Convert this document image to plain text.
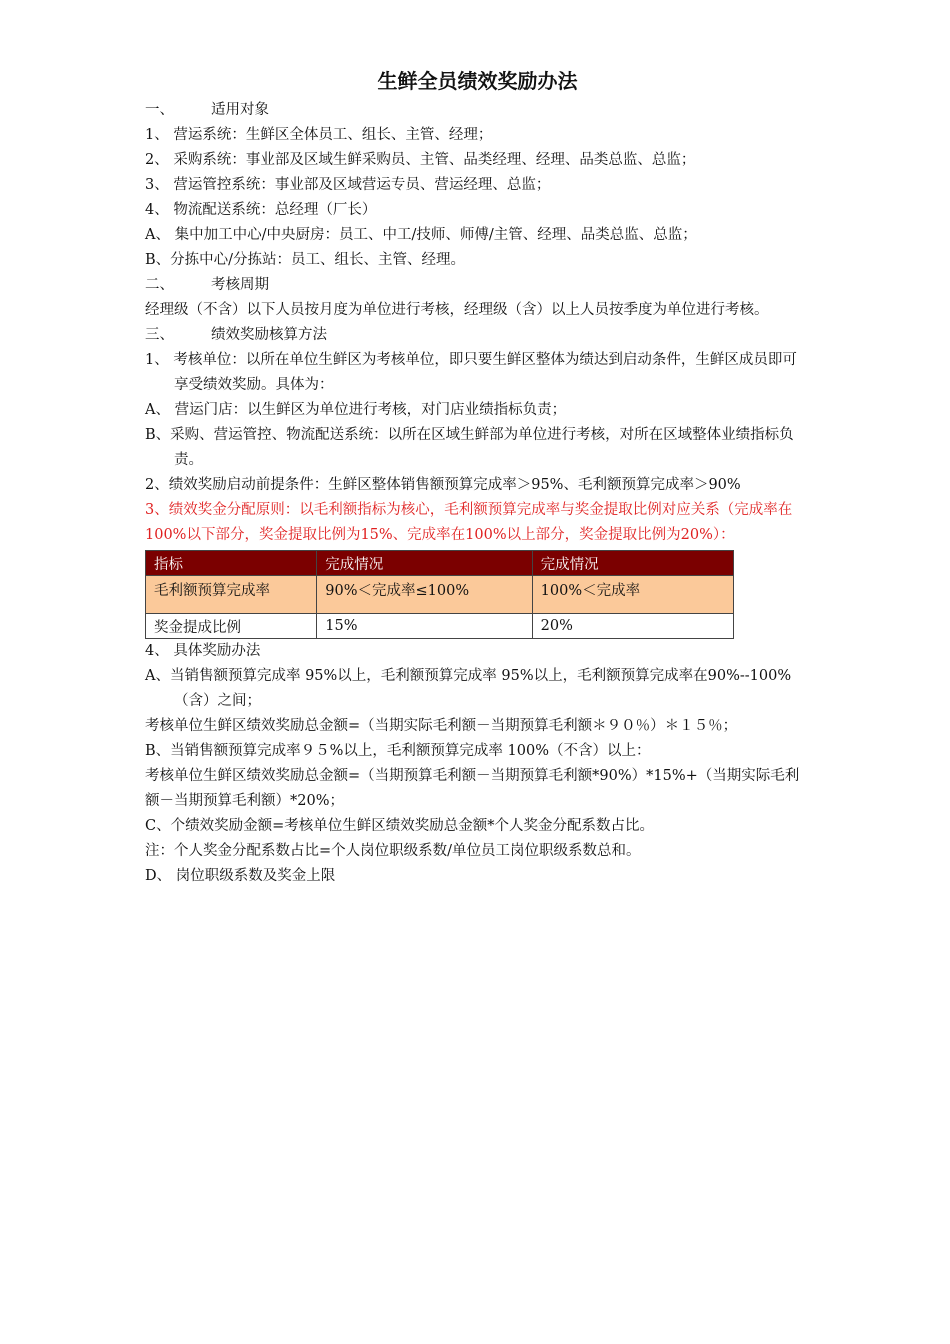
生鲜全员绩效奖励办法

一、	适用对象

1、 营运系统：生鲜区全体员工、组长、主管、经理；

2、 采购系统：事业部及区域生鲜采购员、主管、品类经理、经理、品类总监、总监；

3、 营运管控系统：事业部及区域营运专员、营运经理、总监；

4、 物流配送系统：总经理（厂长）

A、 集中加工中心/中央厨房：员工、中工/技师、师傅/主管、经理、品类总监、总监；

B、分拣中心/分拣站：员工、组长、主管、经理。

二、	考核周期

经理级（不含）以下人员按月度为单位进行考核，经理级（含）以上人员按季度为单位进行考核。

三、	绩效奖励核算方法

1、 考核单位：以所在单位生鲜区为考核单位，即只要生鲜区整体为绩达到启动条件，生鲜区成员即可享受绩效奖励。具体为：

A、 营运门店：以生鲜区为单位进行考核，对门店业绩指标负责；

B、采购、营运管控、物流配送系统：以所在区域生鲜部为单位进行考核，对所在区域整体业绩指标负责。

2、绩效奖励启动前提条件：生鲜区整体销售额预算完成率＞95%、毛利额预算完成率＞90%

3、绩效奖金分配原则：以毛利额指标为核心，毛利额预算完成率与奖金提取比例对应关系（完成率在100%以下部分，奖金提取比例为15%、完成率在100%以上部分，奖金提取比例为20%）：

指标	完成情况	完成情况
毛利额预算完成率	90%＜完成率≤100%	100%＜完成率
奖金提成比例	15%	20%

4、 具体奖励办法

A、当销售额预算完成率 95%以上，毛利额预算完成率 95%以上，毛利额预算完成率在90%--100%（含）之间；

考核单位生鲜区绩效奖励总金额=（当期实际毛利额－当期预算毛利额＊９０％）＊１５％；

B、当销售额预算完成率９５%以上，毛利额预算完成率 100%（不含）以上：

考核单位生鲜区绩效奖励总金额=（当期预算毛利额－当期预算毛利额*90%）*15%+（当期实际毛利额－当期预算毛利额）*20%；

C、个绩效奖励金额=考核单位生鲜区绩效奖励总金额*个人奖金分配系数占比。

注：个人奖金分配系数占比=个人岗位职级系数/单位员工岗位职级系数总和。

D、 岗位职级系数及奖金上限
